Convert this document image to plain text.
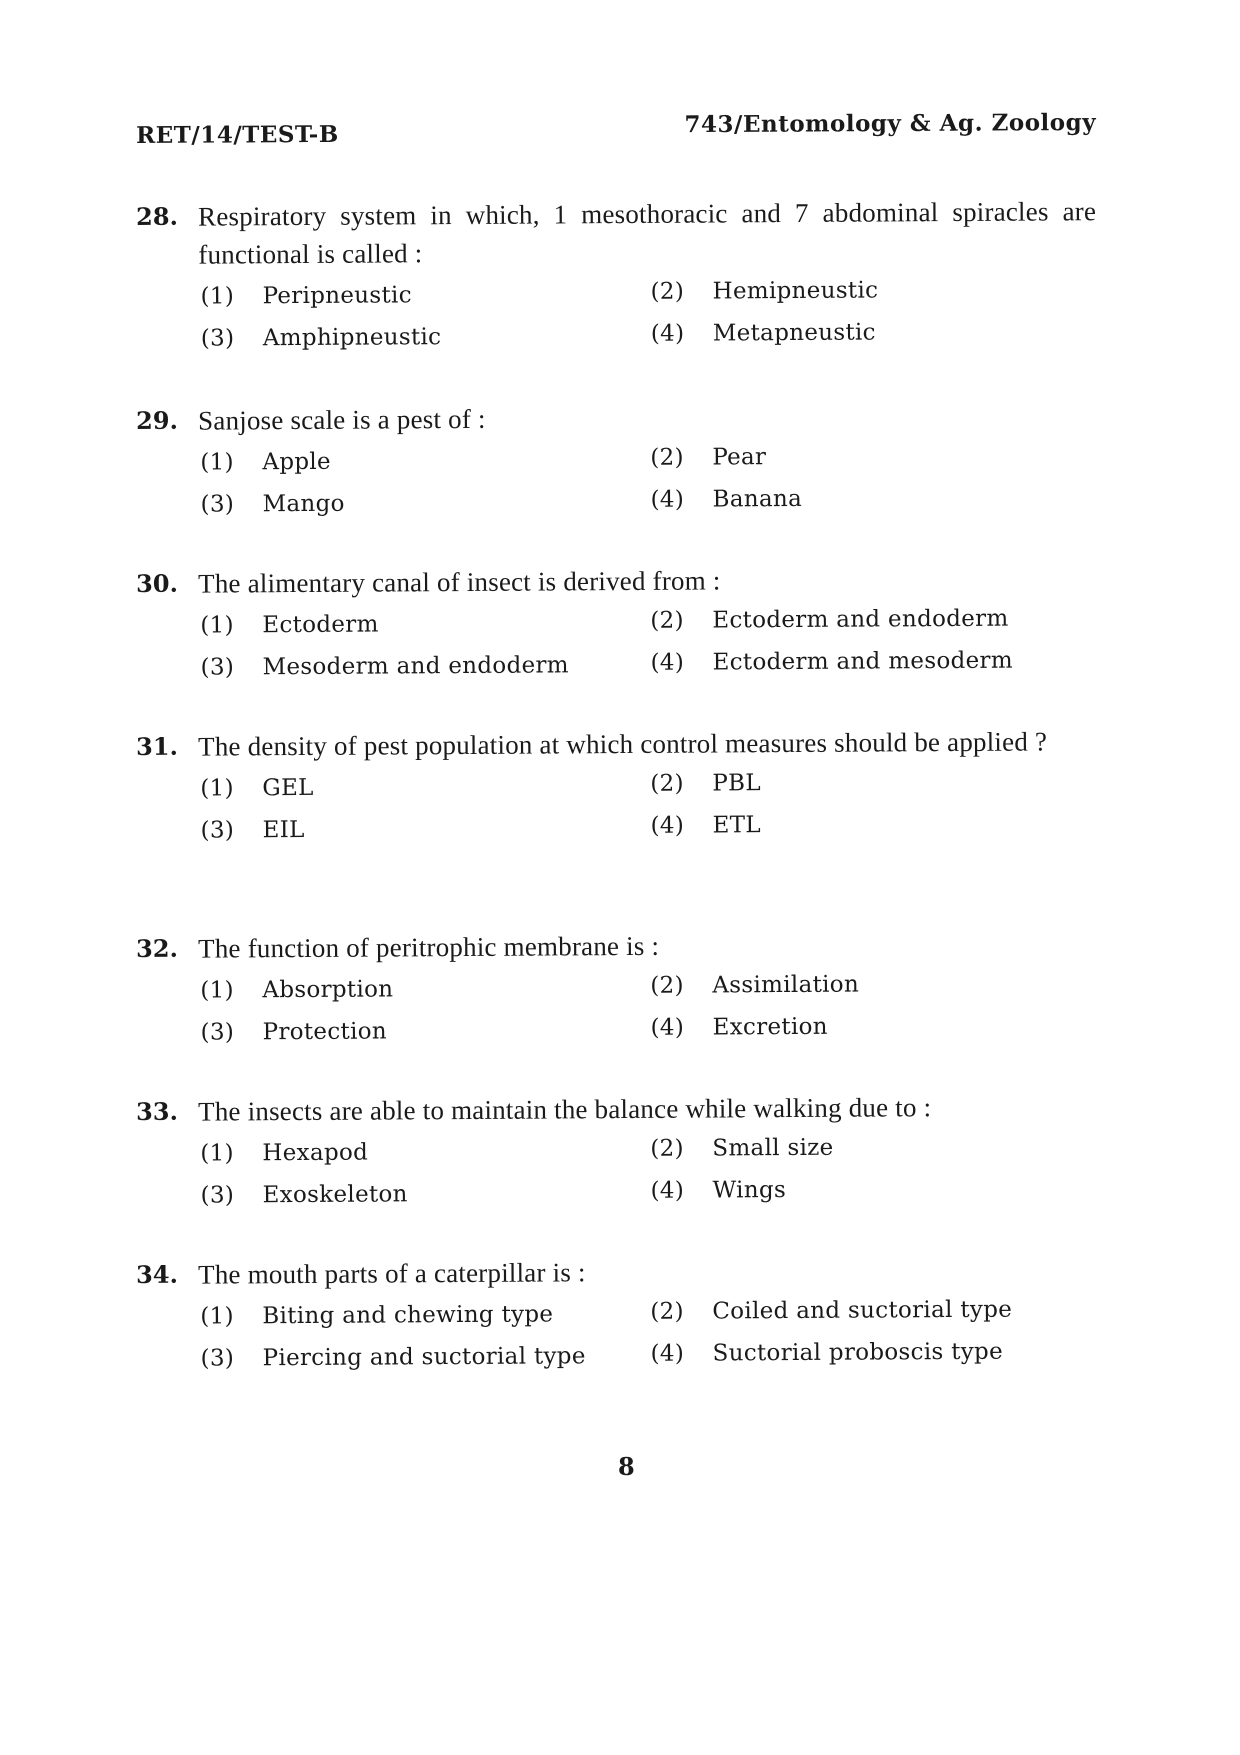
RET/14/TEST-B	743/Entomology & Ag. Zoology
28. Respiratory system in which, 1 mesothoracic and 7 abdominal spiracles are functional is called :
(1) Peripneustic	(2) Hemipneustic
(3) Amphipneustic	(4) Metapneustic
29. Sanjose scale is a pest of :
(1) Apple	(2) Pear
(3) Mango	(4) Banana
30. The alimentary canal of insect is derived from :
(1) Ectoderm	(2) Ectoderm and endoderm
(3) Mesoderm and endoderm	(4) Ectoderm and mesoderm
31. The density of pest population at which control measures should be applied ?
(1) GEL	(2) PBL
(3) EIL	(4) ETL
32. The function of peritrophic membrane is :
(1) Absorption	(2) Assimilation
(3) Protection	(4) Excretion
33. The insects are able to maintain the balance while walking due to :
(1) Hexapod	(2) Small size
(3) Exoskeleton	(4) Wings
34. The mouth parts of a caterpillar is :
(1) Biting and chewing type	(2) Coiled and suctorial type
(3) Piercing and suctorial type	(4) Suctorial proboscis type
8
